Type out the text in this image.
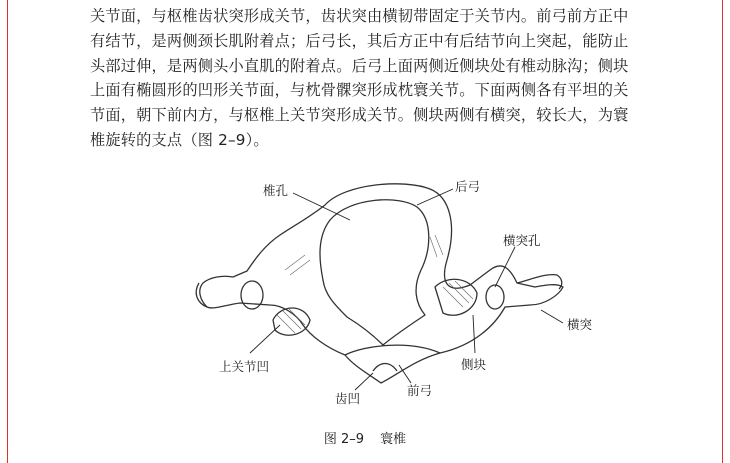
关节面，与枢椎齿状突形成关节，齿状突由横韧带固定于关节内。前弓前方正中
有结节，是两侧颈长肌附着点；后弓长，其后方正中有后结节向上突起，能防止
头部过伸，是两侧头小直肌的附着点。后弓上面两侧近侧块处有椎动脉沟；侧块
上面有椭圆形的凹形关节面，与枕骨髁突形成枕寰关节。下面两侧各有平坦的关
节面，朝下前内方，与枢椎上关节突形成关节。侧块两侧有横突，较长大，为寰
椎旋转的支点（图 2–9）。
椎孔	后弓
横突孔
横突
侧块
前弓
齿凹
上关节凹
图 2–9 寰椎
